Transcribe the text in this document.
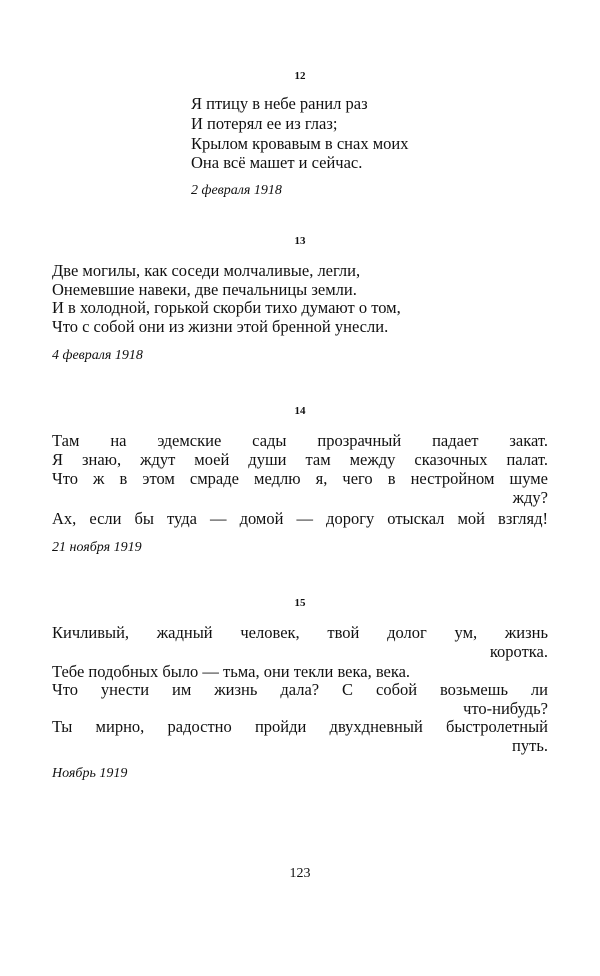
12
Я птицу в небе ранил раз
И потерял ее из глаз;
Крылом кровавым в снах моих
Она всё машет и сейчас.
2 февраля 1918
13
Две могилы, как соседи молчаливые, легли,
Онемевшие навеки, две печальницы земли.
И в холодной, горькой скорби тихо думают о том,
Что с собой они из жизни этой бренной унесли.
4 февраля 1918
14
Там на эдемские сады прозрачный падает закат.
Я знаю, ждут моей души там между сказочных палат.
Что ж в этом смраде медлю я, чего в нестройном шуме
жду?
Ах, если бы туда — домой — дорогу отыскал мой взгляд!
21 ноября 1919
15
Кичливый, жадный человек, твой долог ум, жизнь
коротка.
Тебе подобных было — тьма, они текли века, века.
Что унести им жизнь дала? С собой возьмешь ли
что-нибудь?
Ты мирно, радостно пройди двухдневный быстролетный
путь.
Ноябрь 1919
123
